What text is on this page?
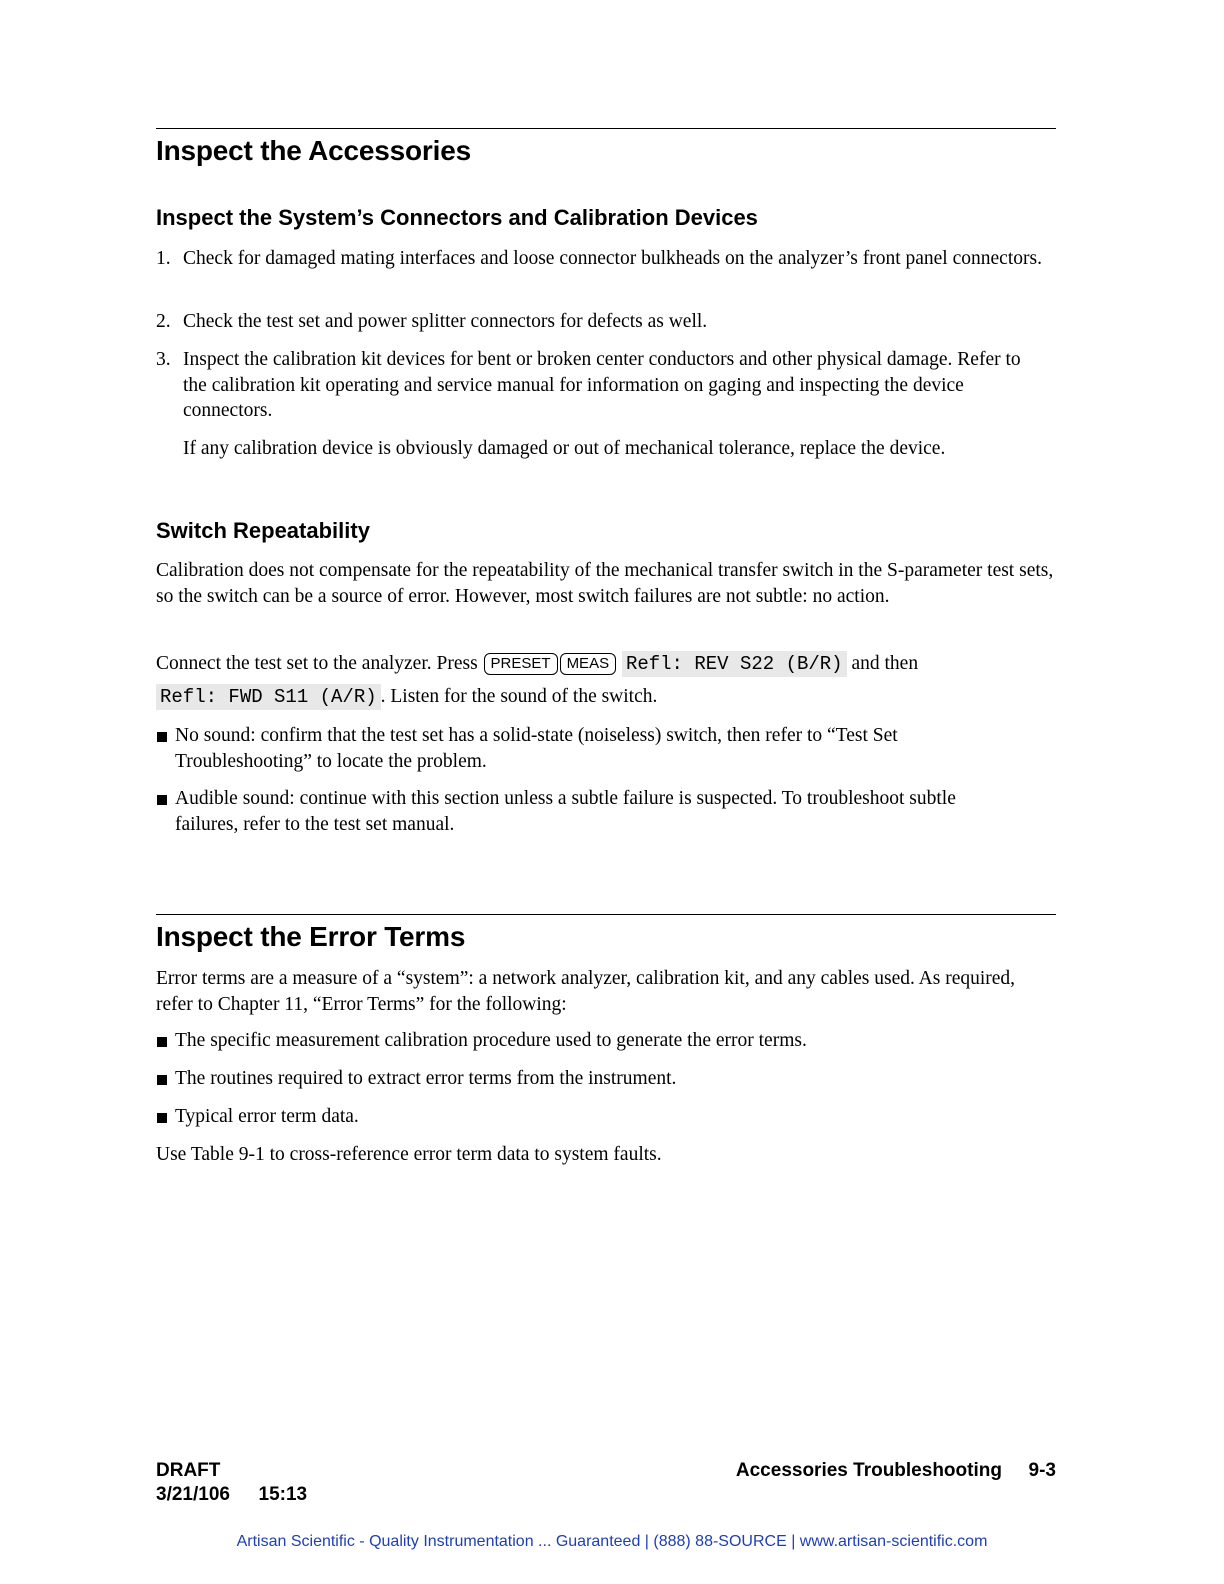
Inspect the Accessories
Inspect the System’s Connectors and Calibration Devices
1. Check for damaged mating interfaces and loose connector bulkheads on the analyzer’s front panel connectors.
2. Check the test set and power splitter connectors for defects as well.
3. Inspect the calibration kit devices for bent or broken center conductors and other physical damage. Refer to the calibration kit operating and service manual for information on gaging and inspecting the device connectors.
If any calibration device is obviously damaged or out of mechanical tolerance, replace the device.
Switch Repeatability
Calibration does not compensate for the repeatability of the mechanical transfer switch in the S-parameter test sets, so the switch can be a source of error. However, most switch failures are not subtle: no action.
Connect the test set to the analyzer. Press PRESET MEAS Refl: REV S22 (B/R) and then
Refl: FWD S11 (A/R) . Listen for the sound of the switch.
No sound: confirm that the test set has a solid-state (noiseless) switch, then refer to “Test Set Troubleshooting” to locate the problem.
Audible sound: continue with this section unless a subtle failure is suspected. To troubleshoot subtle failures, refer to the test set manual.
Inspect the Error Terms
Error terms are a measure of a “system”: a network analyzer, calibration kit, and any cables used. As required, refer to Chapter 11, “Error Terms” for the following:
The specific measurement calibration procedure used to generate the error terms.
The routines required to extract error terms from the instrument.
Typical error term data.
Use Table 9-1 to cross-reference error term data to system faults.
DRAFT
3/21/106 15:13
Accessories Troubleshooting 9-3
Artisan Scientific - Quality Instrumentation ... Guaranteed | (888) 88-SOURCE | www.artisan-scientific.com
